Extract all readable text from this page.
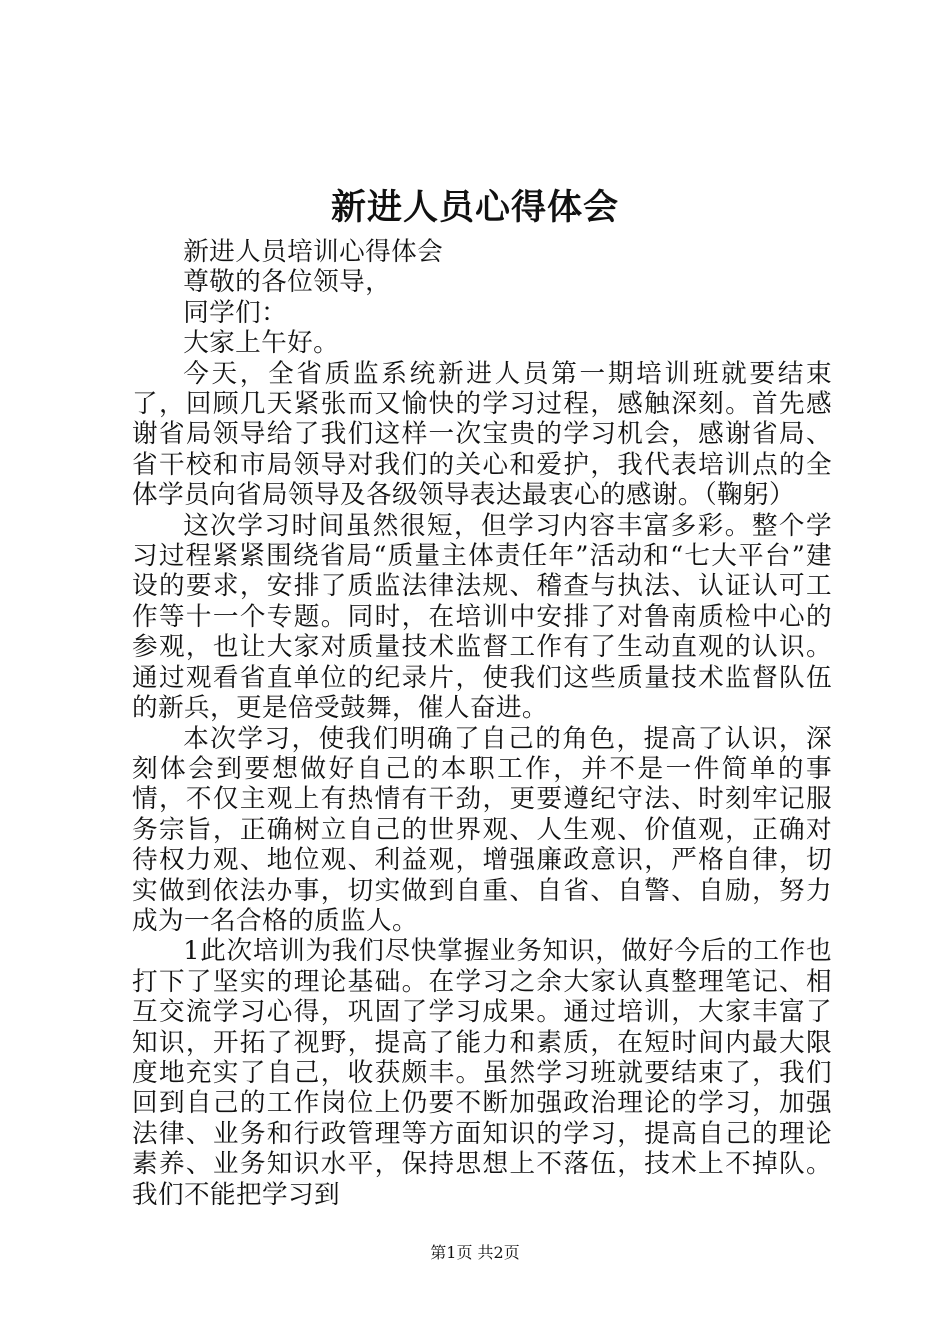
新进人员心得体会

新进人员培训心得体会

尊敬的各位领导，

同学们：

大家上午好。

今天，全省质监系统新进人员第一期培训班就要结束了，回顾几天紧张而又愉快的学习过程，感触深刻。首先感谢省局领导给了我们这样一次宝贵的学习机会，感谢省局、省干校和市局领导对我们的关心和爱护，我代表培训点的全体学员向省局领导及各级领导表达最衷心的感谢。（鞠躬）

这次学习时间虽然很短，但学习内容丰富多彩。整个学习过程紧紧围绕省局“质量主体责任年”活动和“七大平台”建设的要求，安排了质监法律法规、稽查与执法、认证认可工作等十一个专题。同时，在培训中安排了对鲁南质检中心的参观，也让大家对质量技术监督工作有了生动直观的认识。通过观看省直单位的纪录片，使我们这些质量技术监督队伍的新兵，更是倍受鼓舞，催人奋进。

本次学习，使我们明确了自己的角色，提高了认识，深刻体会到要想做好自己的本职工作，并不是一件简单的事情，不仅主观上有热情有干劲，更要遵纪守法、时刻牢记服务宗旨，正确树立自己的世界观、人生观、价值观，正确对待权力观、地位观、利益观，增强廉政意识，严格自律，切实做到依法办事，切实做到自重、自省、自警、自励，努力成为一名合格的质监人。

1此次培训为我们尽快掌握业务知识，做好今后的工作也打下了坚实的理论基础。在学习之余大家认真整理笔记、相互交流学习心得，巩固了学习成果。通过培训，大家丰富了知识，开拓了视野，提高了能力和素质，在短时间内最大限度地充实了自己，收获颇丰。虽然学习班就要结束了，我们回到自己的工作岗位上仍要不断加强政治理论的学习，加强法律、业务和行政管理等方面知识的学习，提高自己的理论素养、业务知识水平，保持思想上不落伍，技术上不掉队。我们不能把学习到

第1页 共2页
